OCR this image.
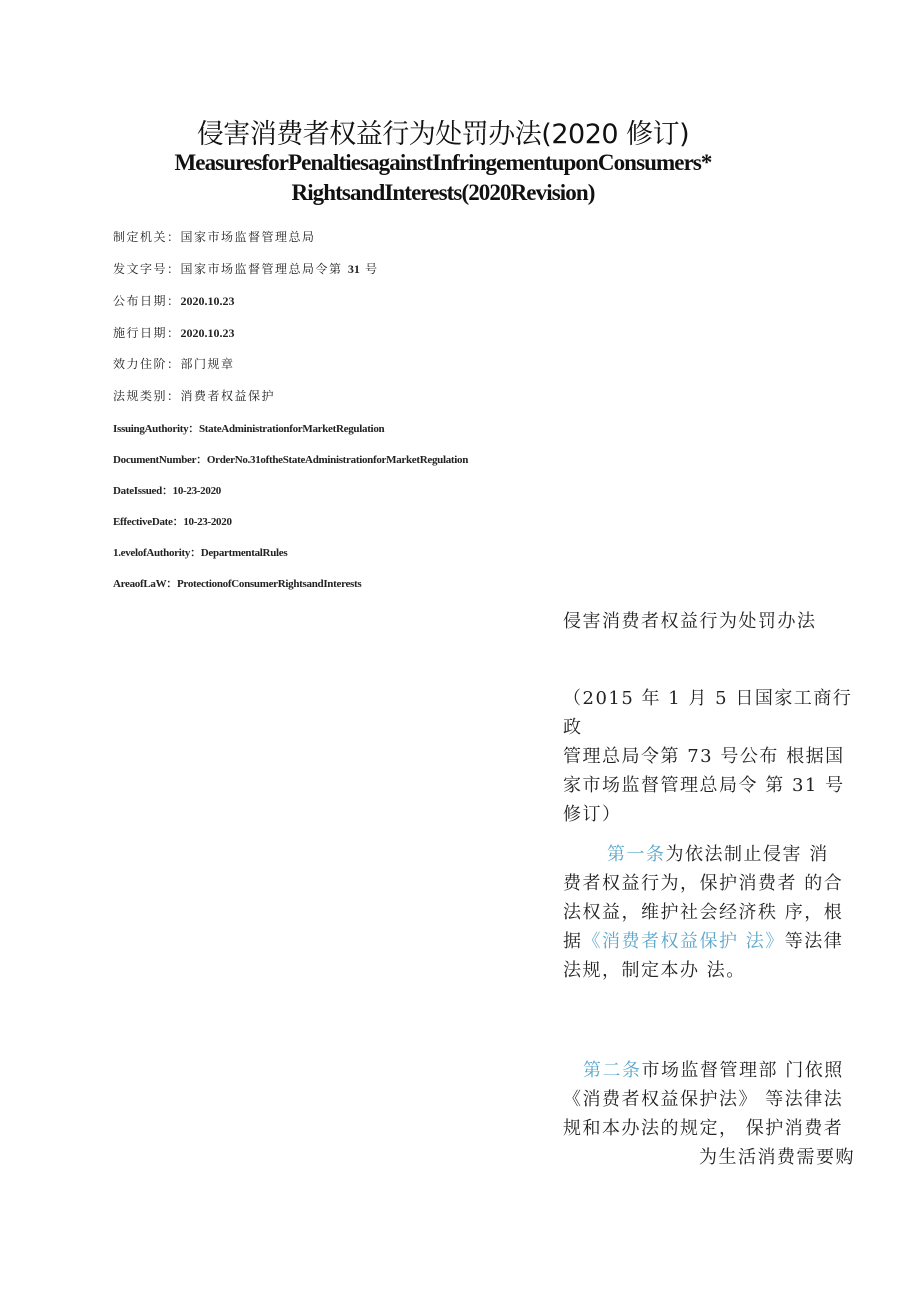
侵害消费者权益行为处罚办法(2020 修订)
MeasuresforPenaltiesagainstInfringementuponConsumers*
RightsandInterests(2020Revision)
制定机关：国家市场监督管理总局
发文字号：国家市场监督管理总局令第 31 号
公布日期：2020.10.23
施行日期：2020.10.23
效力住阶：部门规章
法规类别：消费者权益保护
IssuingAuthority：StateAdministrationforMarketRegulation
DocumentNumber：OrderNo.31oftheStateAdministrationforMarketRegulation
DateIssued：10-23-2020
EffectiveDate：10-23-2020
1.evelofAuthority：DepartmentalRules
AreaofLaW：ProtectionofConsumerRightsandInterests
侵害消费者权益行为处罚办法
（2015 年 1 月 5 日国家工商行 政
管理总局令第 73 号公布 根据国
家市场监督管理总局令 第 31 号
修订）
第一条为依法制止侵害 消
费者权益行为，保护消费者 的合
法权益，维护社会经济秩 序，根
据《消费者权益保护 法》等法律
法规，制定本办 法。
第二条市场监督管理部 门依照
《消费者权益保护法》 等法律法
规和本办法的规定， 保护消费者
为生活消费需要购
